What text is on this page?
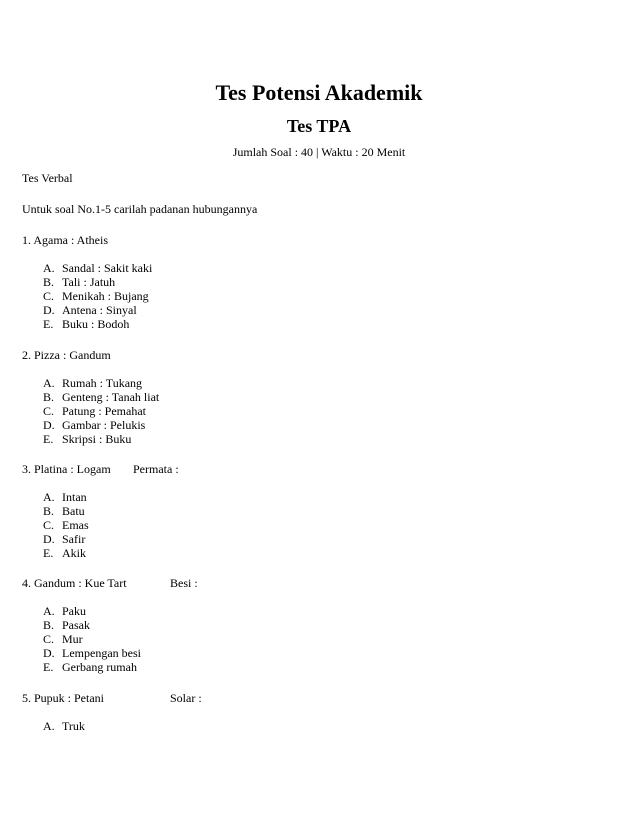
Tes Potensi Akademik
Tes TPA
Jumlah Soal : 40 | Waktu : 20 Menit
Tes Verbal
Untuk soal No.1-5 carilah padanan hubungannya
1. Agama : Atheis
A. Sandal : Sakit kaki
B. Tali : Jatuh
C. Menikah : Bujang
D. Antena : Sinyal
E. Buku : Bodoh
2. Pizza : Gandum
A. Rumah : Tukang
B. Genteng : Tanah liat
C. Patung : Pemahat
D. Gambar : Pelukis
E. Skripsi : Buku
3. Platina : Logam Permata :
A. Intan
B. Batu
C. Emas
D. Safir
E. Akik
4. Gandum : Kue Tart	Besi :
A. Paku
B. Pasak
C. Mur
D. Lempengan besi
E. Gerbang rumah
5. Pupuk : Petani	Solar :
A. Truk
